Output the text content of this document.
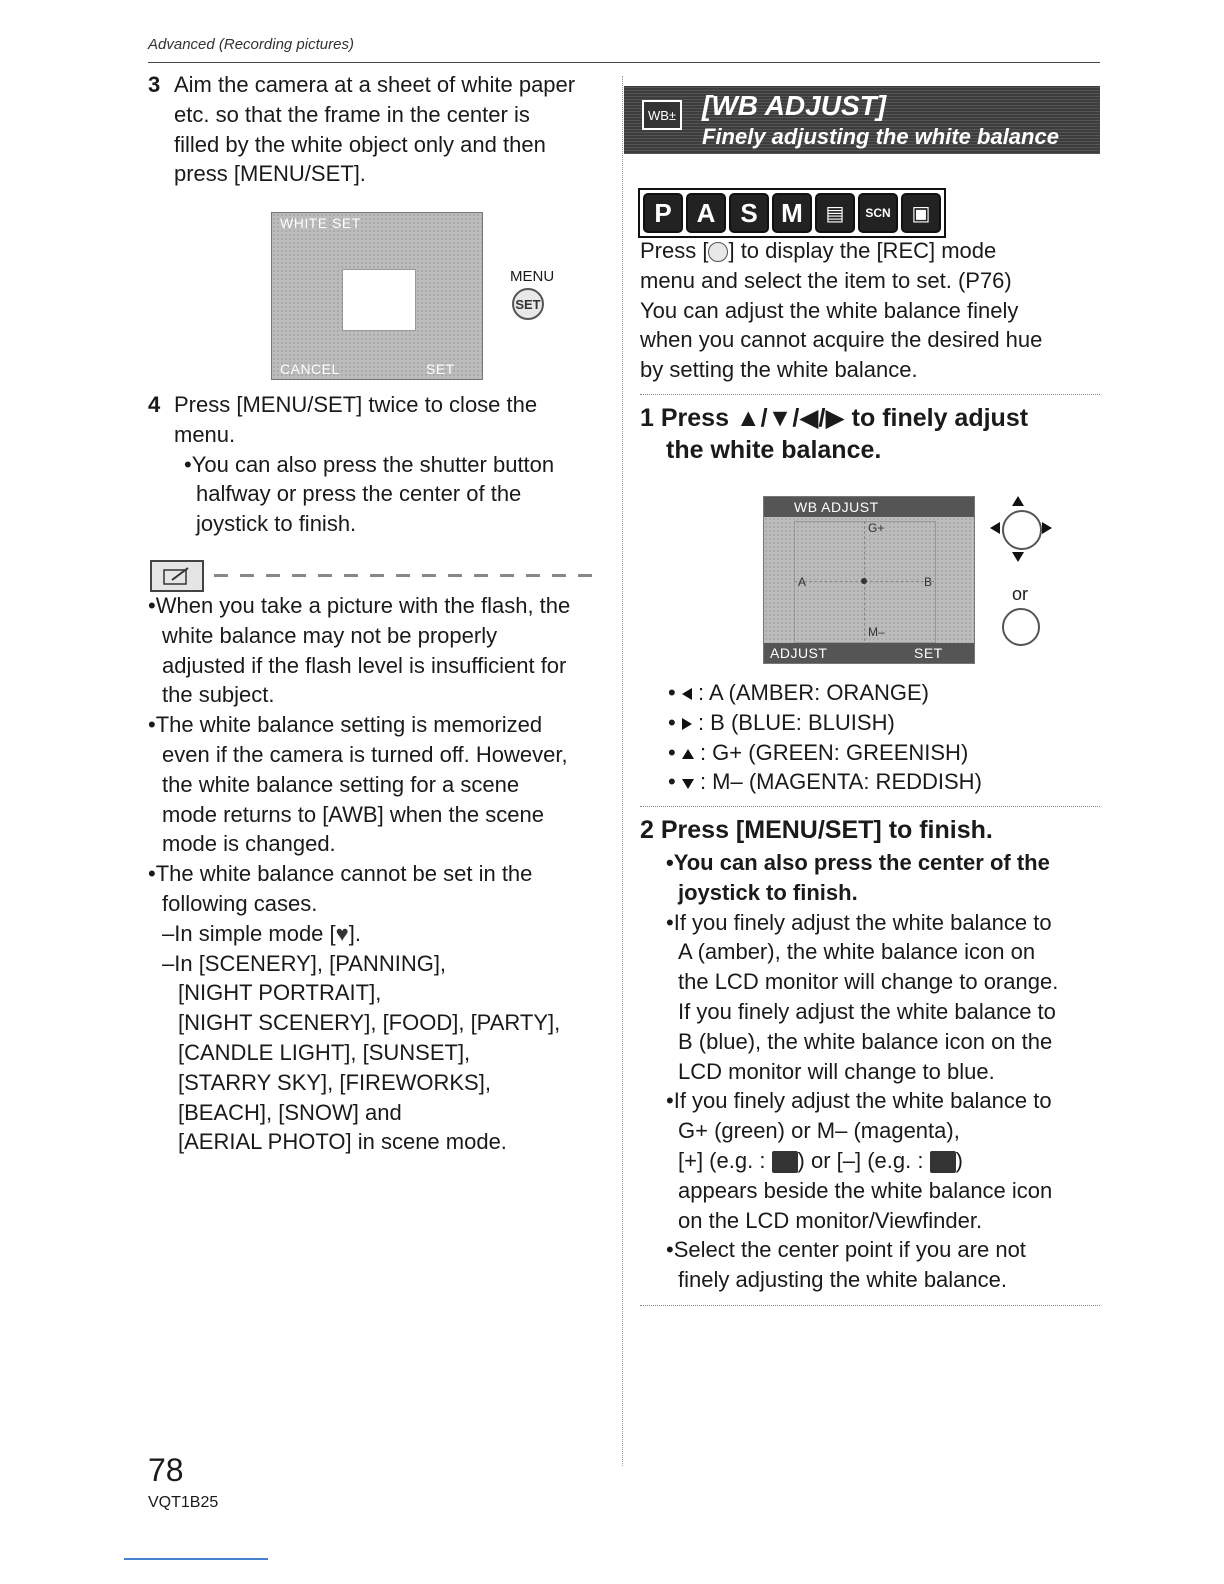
Advanced (Recording pictures)
3 Aim the camera at a sheet of white paper
etc. so that the frame in the center is
filled by the white object only and then
press [MENU/SET].
WHITE SET
CANCEL	SET
MENU
SET
4 Press [MENU/SET] twice to close the
menu.
•You can also press the shutter button
halfway or press the center of the
joystick to finish.
•When you take a picture with the flash, the
white balance may not be properly
adjusted if the flash level is insufficient for
the subject.
•The white balance setting is memorized
even if the camera is turned off. However,
the white balance setting for a scene
mode returns to [AWB] when the scene
mode is changed.
•The white balance cannot be set in the
following cases.
–In simple mode [♥].
–In [SCENERY], [PANNING],
[NIGHT PORTRAIT],
[NIGHT SCENERY], [FOOD], [PARTY],
[CANDLE LIGHT], [SUNSET],
[STARRY SKY], [FIREWORKS],
[BEACH], [SNOW] and
[AERIAL PHOTO] in scene mode.
WB± [WB ADJUST]
Finely adjusting the white balance
P A S M	▤	SCN	▣
Press [ ] to display the [REC] mode
menu and select the item to set. (P76)
You can adjust the white balance finely
when you cannot acquire the desired hue
by setting the white balance.
1 Press ▲/▼/◀/▶ to finely adjust
the white balance.
WB ADJUST
G+
M–
A	B
ADJUST	SET
or
•  : A (AMBER: ORANGE)
•  : B (BLUE: BLUISH)
•  : G+ (GREEN: GREENISH)
•  : M– (MAGENTA: REDDISH)
2 Press [MENU/SET] to finish.
•You can also press the center of the
joystick to finish.
•If you finely adjust the white balance to
A (amber), the white balance icon on
the LCD monitor will change to orange.
If you finely adjust the white balance to
B (blue), the white balance icon on the
LCD monitor will change to blue.
•If you finely adjust the white balance to
G+ (green) or M– (magenta),
[+] (e.g. : ) or [–] (e.g. : )
appears beside the white balance icon
on the LCD monitor/Viewfinder.
•Select the center point if you are not
finely adjusting the white balance.
78
VQT1B25
